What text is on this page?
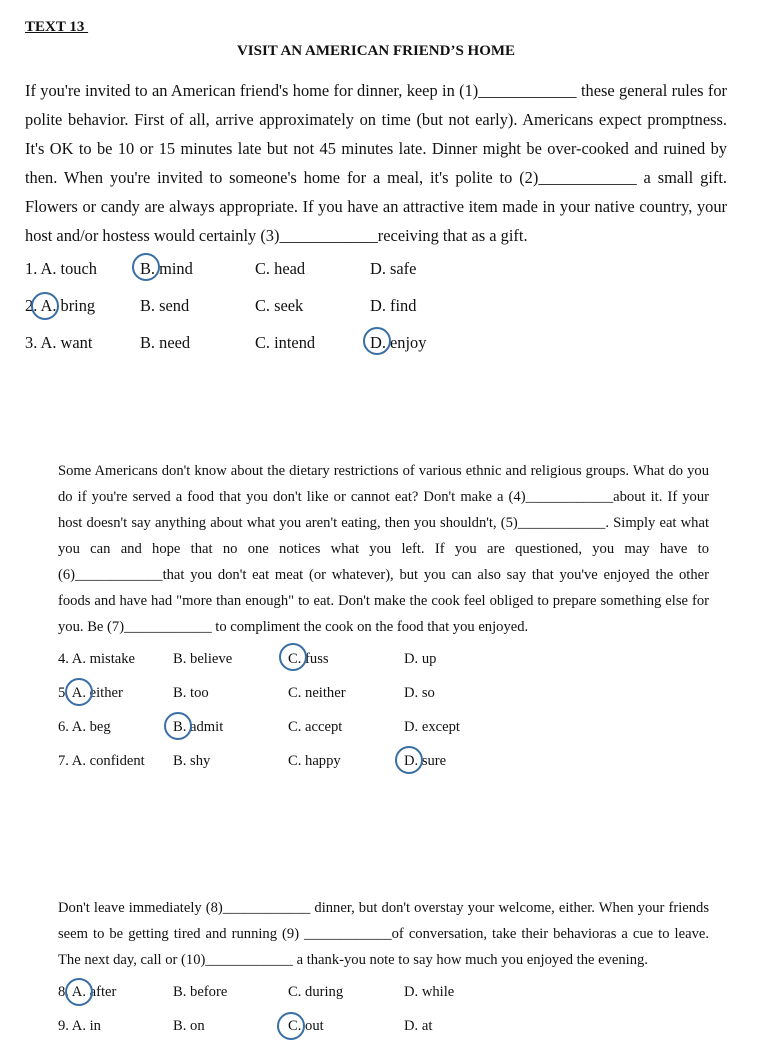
TEXT 13
VISIT AN AMERICAN FRIEND’S HOME

If you're invited to an American friend's home for dinner, keep in (1)____________ these general rules for polite behavior. First of all, arrive approximately on time (but not early). Americans expect promptness. It's OK to be 10 or 15 minutes late but not 45 minutes late. Dinner might be over-cooked and ruined by then. When you're invited to someone's home for a meal, it's polite to (2)____________ a small gift. Flowers or candy are always appropriate. If you have an attractive item made in your native country, your host and/or hostess would certainly (3)____________receiving that as a gift.

1. A. touch	B. mind	C. head	D. safe
2. A. bring	B. send	C. seek	D. find
3. A. want	B. need	C. intend	D. enjoy

Some Americans don't know about the dietary restrictions of various ethnic and religious groups. What do you do if you're served a food that you don't like or cannot eat? Don't make a (4)____________about it. If your host doesn't say anything about what you aren't eating, then you shouldn't, (5)____________. Simply eat what you can and hope that no one notices what you left. If you are questioned, you may have to (6)____________that you don't eat meat (or whatever), but you can also say that you've enjoyed the other foods and have had "more than enough" to eat. Don't make the cook feel obliged to prepare something else for you. Be (7)____________ to compliment the cook on the food that you enjoyed.

4. A. mistake	B. believe	C. fuss	D. up
5. A. either	B. too	C. neither	D. so
6. A. beg	B. admit	C. accept	D. except
7. A. confident B. shy	C. happy	D. sure

Don't leave immediately (8)____________ dinner, but don't overstay your welcome, either. When your friends seem to be getting tired and running (9) ____________of conversation, take their behavioras a cue to leave. The next day, call or (10)____________ a thank-you note to say how much you enjoyed the evening.

8. A. after	B. before	C. during	D. while
9. A. in	B. on	C. out	D. at
